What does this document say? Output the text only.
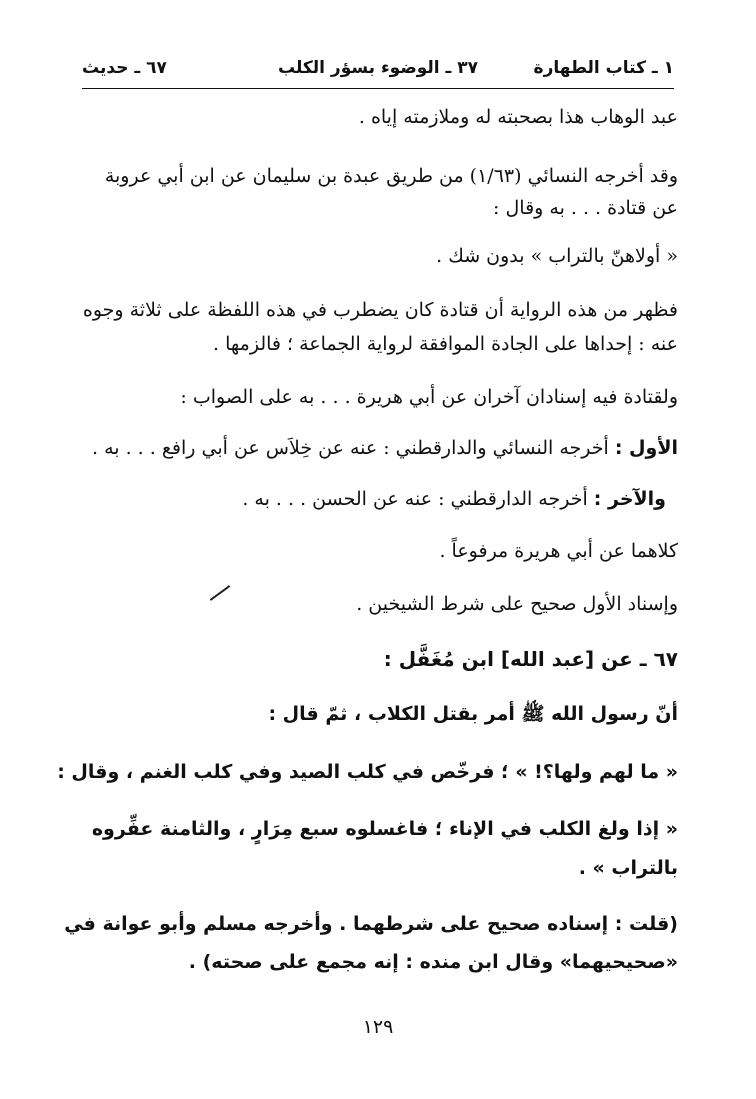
١ ـ كتاب الطهارة
٣٧ ـ الوضوء بسؤر الكلب
٦٧ ـ حديث
عبد الوهاب هذا بصحبته له وملازمته إياه .
وقد أخرجه النسائي (١/٦٣) من طريق عبدة بن سليمان عن ابن أبي عروبة
عن قتادة . . . به وقال :
« أولاهنّ بالتراب » بدون شك .
فظهر من هذه الرواية أن قتادة كان يضطرب في هذه اللفظة على ثلاثة وجوه
عنه : إحداها على الجادة الموافقة لرواية الجماعة ؛ فالزمها .
ولقتادة فيه إسنادان آخران عن أبي هريرة . . . به على الصواب :
الأول : أخرجه النسائي والدارقطني : عنه عن خِلاَس عن أبي رافع . . . به .
والآخر : أخرجه الدارقطني : عنه عن الحسن . . . به .
كلاهما عن أبي هريرة مرفوعاً .
وإسناد الأول صحيح على شرط الشيخين .
٦٧ ـ عن [عبد الله] ابن مُغَفَّل :
أنّ رسول الله ﷺ أمر بقتل الكلاب ، ثمّ قال :
« ما لهم ولها؟! » ؛ فرخّص في كلب الصيد وفي كلب الغنم ، وقال :
« إذا ولغ الكلب في الإناء ؛ فاغسلوه سبع مِرَارٍ ، والثامنة عفِّروه
بالتراب » .
(قلت : إسناده صحيح على شرطهما . وأخرجه مسلم وأبو عوانة في
«صحيحيهما» وقال ابن منده : إنه مجمع على صحته) .
١٢٩
